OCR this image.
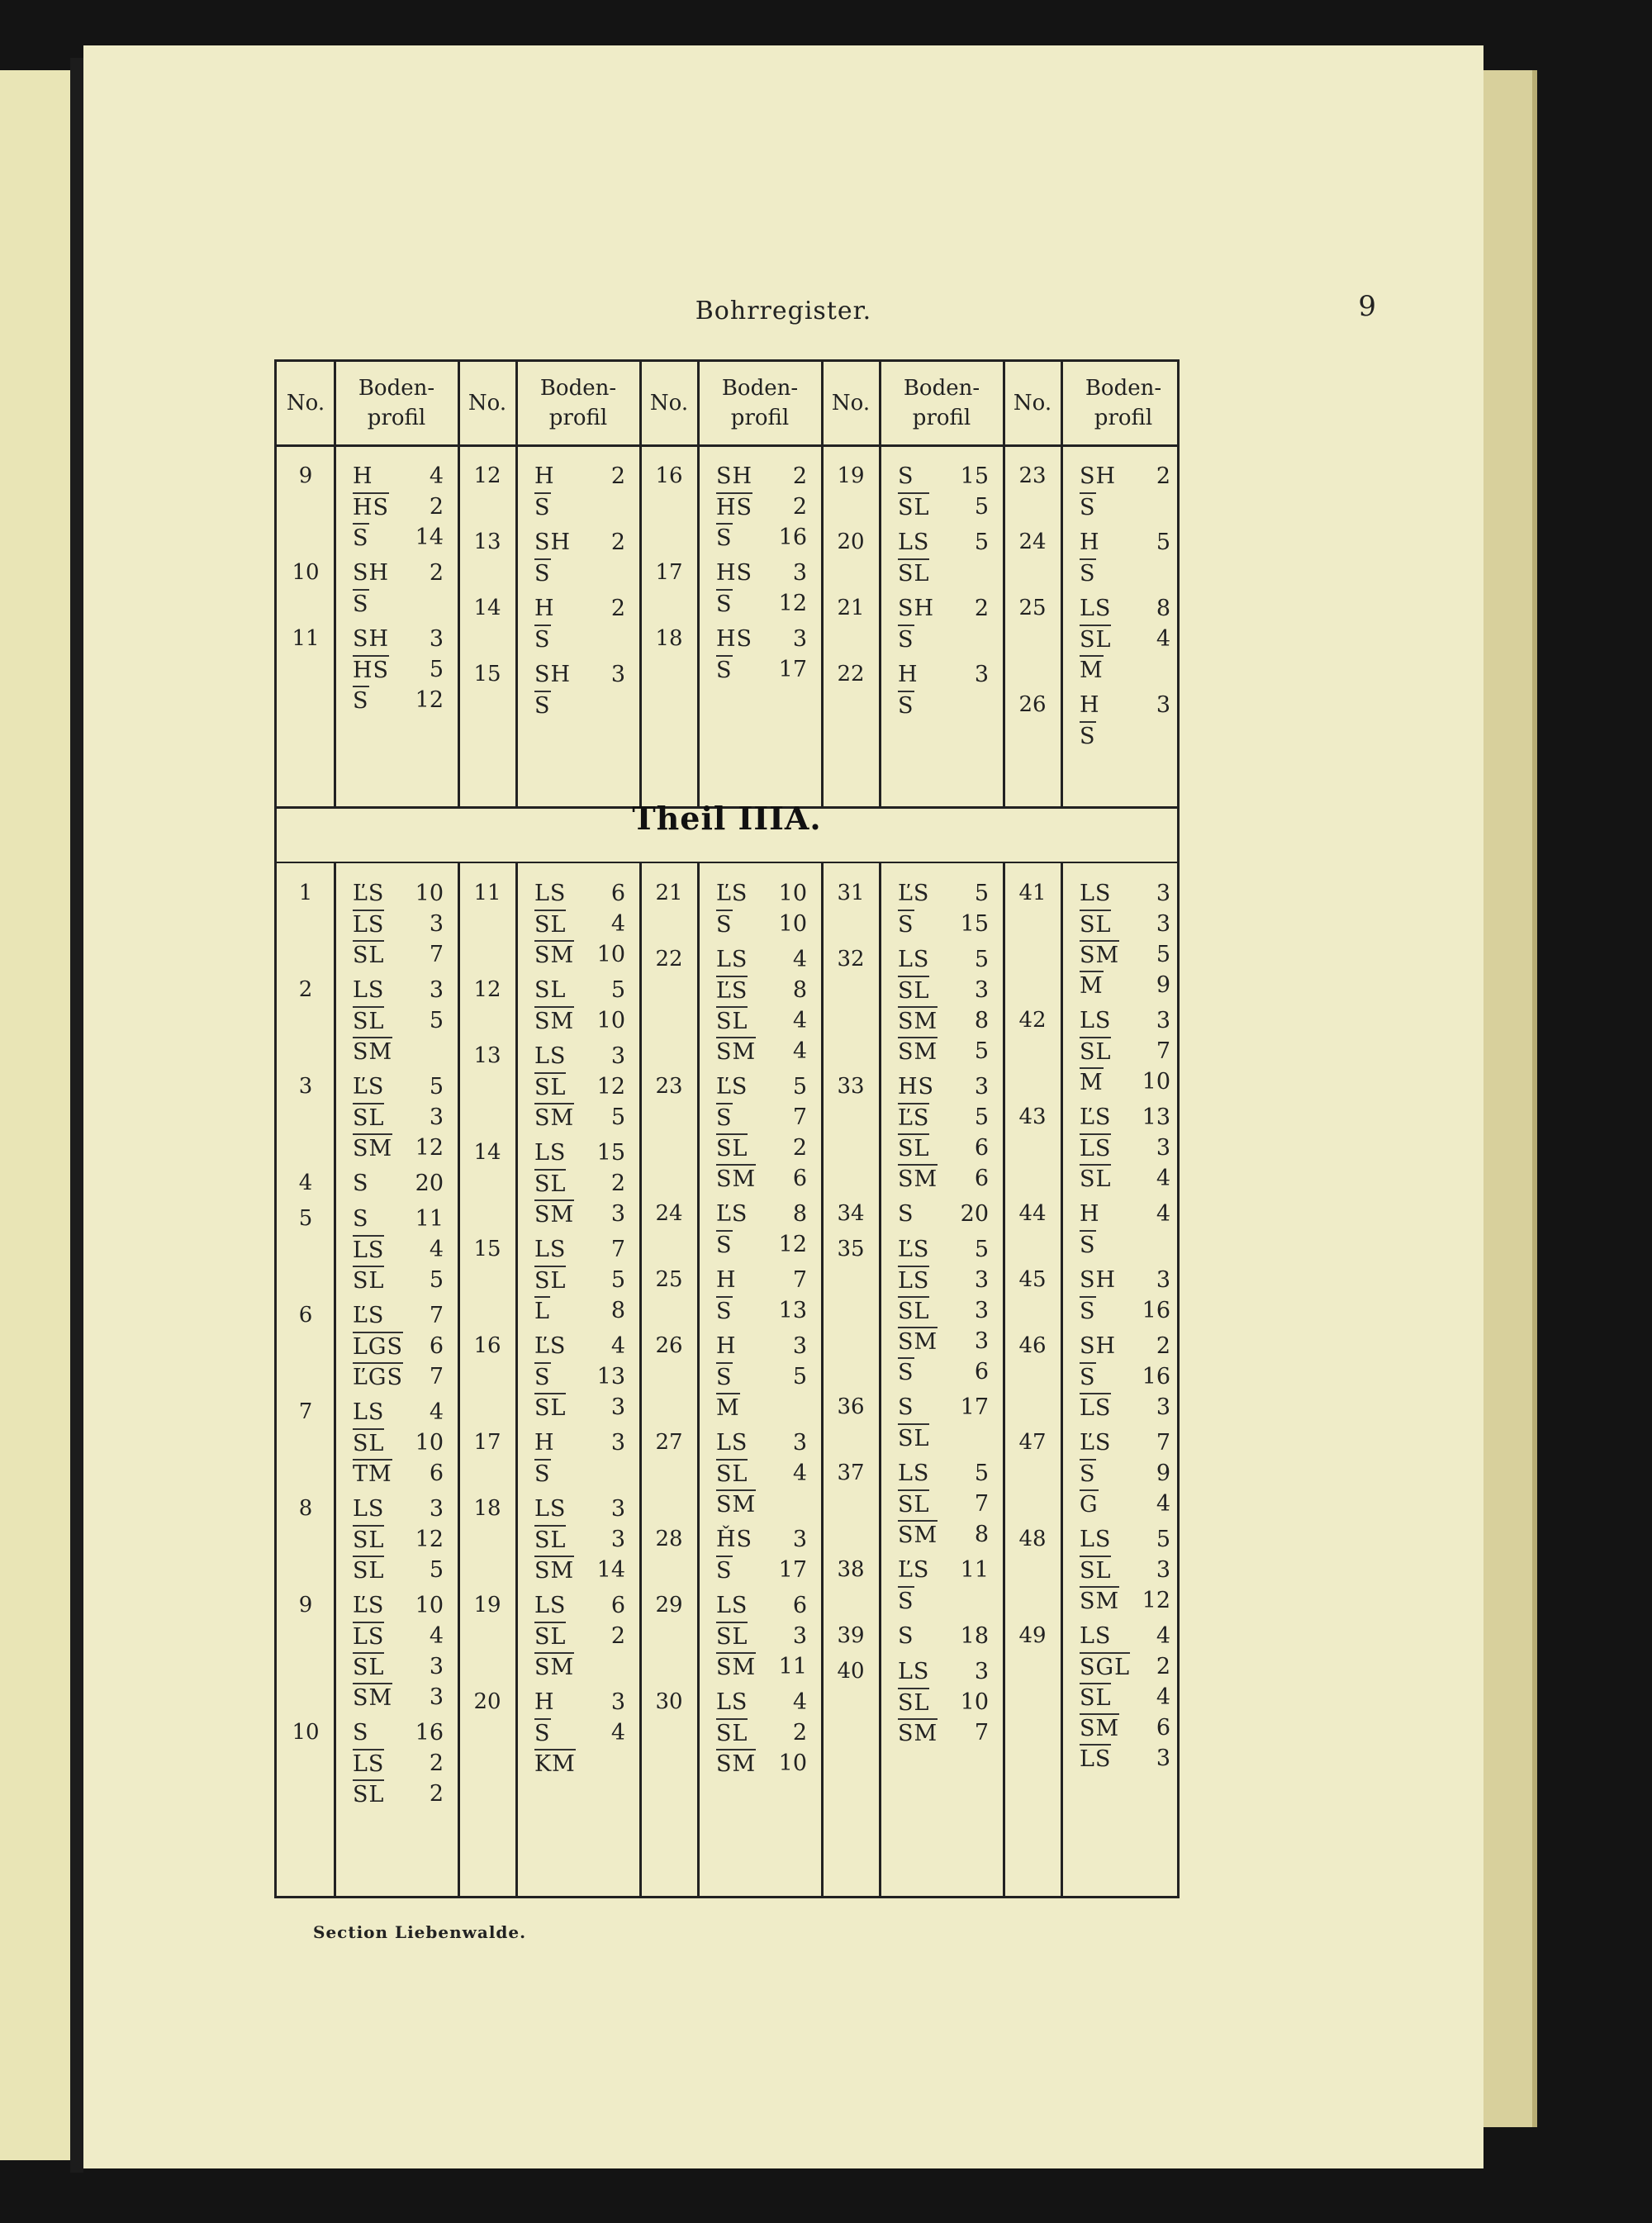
Bohrregister.	9
No.
Boden-
profil
No.
Boden-
profil
No.
Boden-
profil
No.
Boden-
profil
No.
Boden-
profil
Theil IIIA.
9	H	4
HS 2
S 14
10	SH 2
S
11	SH 3
HS 5
S 12
12	H	2
S
13	SH 2
S
14	H	2
S
15	SH 3
S
16	SH 2
HS 2
S 16
17	HS 3
S 12
18	HS 3
S 17
19	S 15
SL 5
20	LS 5
SL
21	SH 2
S
22	H	3
S
23	SH 2
S
24	H	5
S
25	LS 8
SL 4
M
26	H	3
S
1	ĽS 10
LS 3
SL 7
2	LS 3
SL 5
SM
3	ĽS 5
SL 3
SM 12
4	S 20
5	S 11
LS 4
SL 5
6	ĽS 7
LGS 6
ĽGS 7
7	LS 4
SL 10
TM 6
8	LS 3
SL 12
SL 5
9	ĽS 10
LS 4
SL 3
SM 3
10	S 16
LS 2
SL 2
11	LS 6
SL 4
SM 10
12	SL 5
SM 10
13	LS 3
SL 12
SM 5
14	LS 15
SL 2
SM 3
15	LS 7
SL 5
L	8
16	ĽS 4
S 13
SL 3
17	H	3
S
18	LS 3
SL 3
SM 14
19	LS 6
SL 2
SM
20	H	3
S	4
KM
21	ĽS 10
S 10
22	LS 4
ĽS 8
SL 4
SM 4
23	ĽS 5
S	7
SL 2
SM 6
24	ĽS 8
S 12
25	H	7
S 13
26	H	3
S	5
M
27	LS 3
SL 4
SM
28	ȞS 3
S 17
29	LS 6
SL 3
SM 11
30	LS 4
SL 2
SM 10
31	ĽS 5
S 15
32	LS 5
SL 3
SM 8
SM 5
33	HS 3
ĽS 5
SL 6
SM 6
34	S 20
35	ĽS 5
LS 3
SL 3
SM 3
S	6
36	S 17
SL
37	LS 5
SL 7
SM 8
38	ĽS 11
S
39	S 18
40	LS 3
SL 10
SM 7
41	LS 3
SL 3
SM 5
M 9
42	LS 3
SL 7
M 10
43	ĽS 13
LS 3
SL 4
44	H	4
S
45	SH 3
S 16
46	SH 2
S 16
LS 3
47	ĽS 7
S	9
G	4
48	LS 5
SL 3
SM 12
49	LS 4
SGL 2
SL 4
SM 6
LS 3
Section Liebenwalde.
